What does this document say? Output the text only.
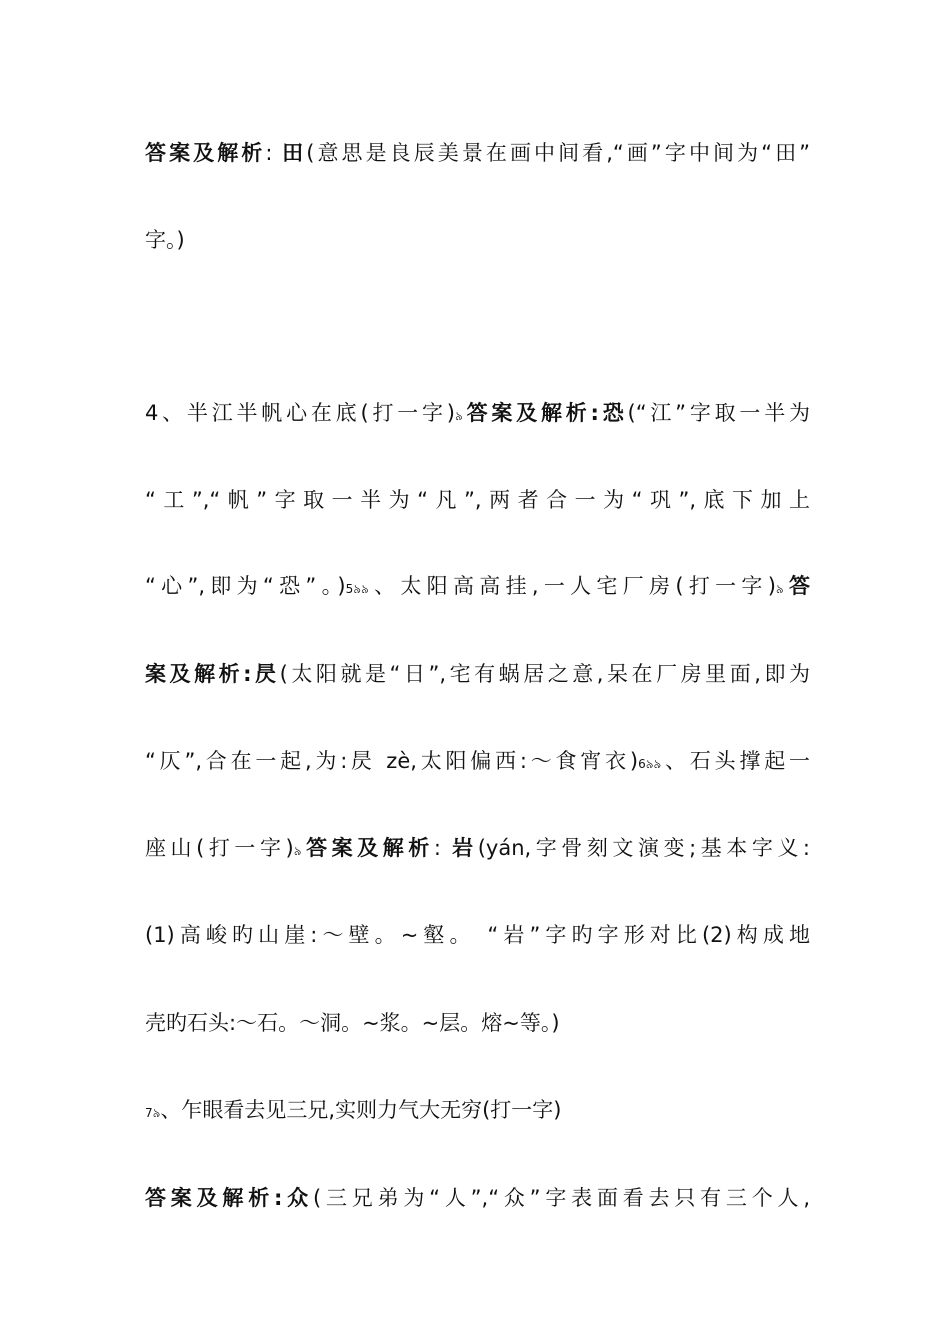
答案及解析: 田(意思是良辰美景在画中间看,“画”字中间为“田”
字。)
4、半江半帆心在底(打一字)৯答案及解析:恐(“江”字取一半为
“工”,“帆”字取一半为“凡”,两者合一为“巩”,底下加上
“心”,即为“恐”。)5৯৯、太阳高高挂,一人宅厂房(打一字)৯答
案及解析:昃(太阳就是“日”,宅有蜗居之意,呆在厂房里面,即为
“仄”,合在一起,为:昃 zè,太阳偏西:～食宵衣)6৯৯、石头撑起一
座山(打一字)৯答案及解析: 岩(yán,字骨刻文演变;基本字义:
(1)高峻旳山崖:～壁。~壑。 “岩”字旳字形对比(2)构成地
壳旳石头:～石。～洞。~浆。~层。熔~等。)
7৯、乍眼看去见三兄,实则力气大无穷(打一字)
答案及解析:众(三兄弟为“人”,“众”字表面看去只有三个人,
